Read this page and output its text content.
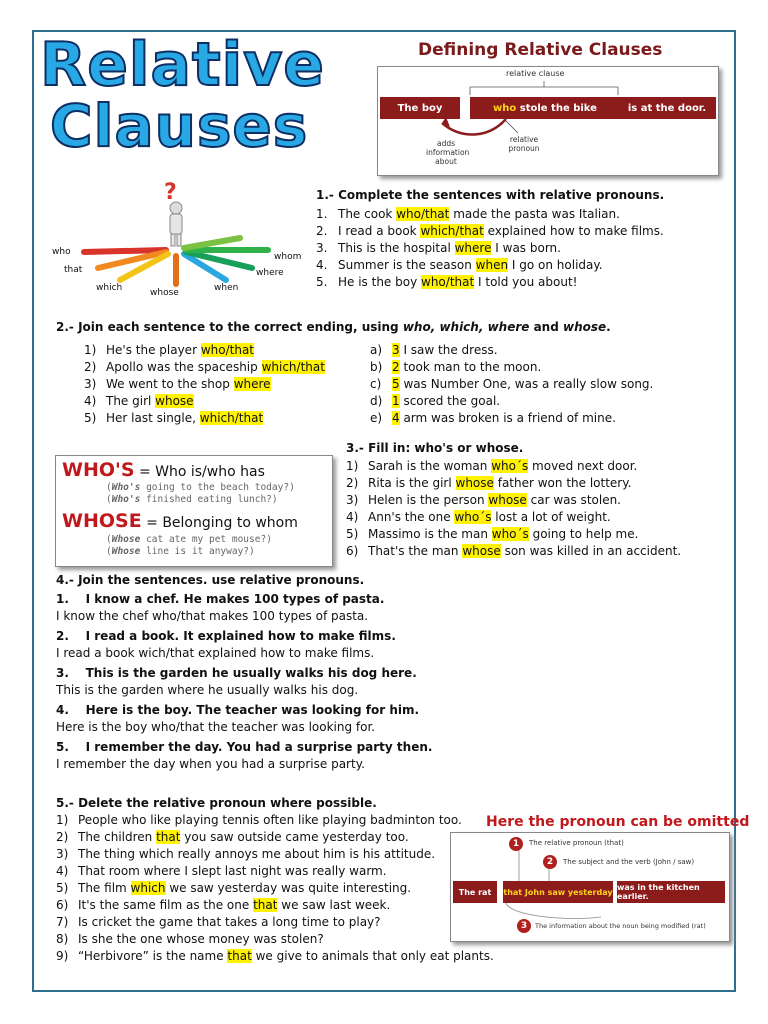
Relative
Clauses
Defining Relative Clauses
relative clause
The boy	who
stole the bike	is at the door.
adds information about
relative pronoun
?
who
that
which	whose	when
where
whom
1.- Complete the sentences with relative pronouns.
1. The cook who/that made the pasta was Italian.
2. I read a book which/that explained how to make films.
3. This is the hospital where I was born.
4. Summer is the season when I go on holiday.
5. He is the boy who/that I told you about!
2.- Join each sentence to the correct ending, using who, which, where and whose.
1) He's the player who/that
2) Apollo was the spaceship which/that
3) We went to the shop where
4) The girl whose
5) Her last single, which/that
a) 3 I saw the dress.
b) 2 took man to the moon.
c) 5 was Number One, was a really slow song.
d) 1 scored the goal.
e) 4 arm was broken is a friend of mine.
WHO'S = Who is/who has
(Who's going to the beach today?)
(Who's finished eating lunch?)
WHOSE = Belonging to whom
(Whose cat ate my pet mouse?)
(Whose line is it anyway?)
3.- Fill in: who's or whose.
1) Sarah is the woman who´s moved next door.
2) Rita is the girl whose father won the lottery.
3) Helen is the person whose car was stolen.
4) Ann's the one who´s lost a lot of weight.
5) Massimo is the man who´s going to help me.
6) That's the man whose son was killed in an accident.
4.- Join the sentences. use relative pronouns.
1.    I know a chef. He makes 100 types of pasta.
I know the chef who/that makes 100 types of pasta.
2.    I read a book. It explained how to make films.
I read a book wich/that explained how to make films.
3.    This is the garden he usually walks his dog here.
This is the garden where he usually walks his dog.
4.    Here is the boy. The teacher was looking for him.
Here is the boy who/that the teacher was looking for.
5.    I remember the day. You had a surprise party then.
I remember the day when you had a surprise party.
5.- Delete the relative pronoun where possible.
1) People who like playing tennis often like playing badminton too.
2) The children that you saw outside came yesterday too.
3) The thing which really annoys me about him is his attitude.
4) That room where I slept last night was really warm.
5) The film which we saw yesterday was quite interesting.
6) It's the same film as the one that we saw last week.
7) Is cricket the game that takes a long time to play?
8) Is she the one whose money was stolen?
9) “Herbivore” is the name that we give to animals that only eat plants.
Here the pronoun can be omitted
1	The relative pronoun (that)
2	The subject and the verb (John / saw)
The rat	that John saw yesterday was in the kitchen earlier.
3	The information about the noun being modified (rat)
